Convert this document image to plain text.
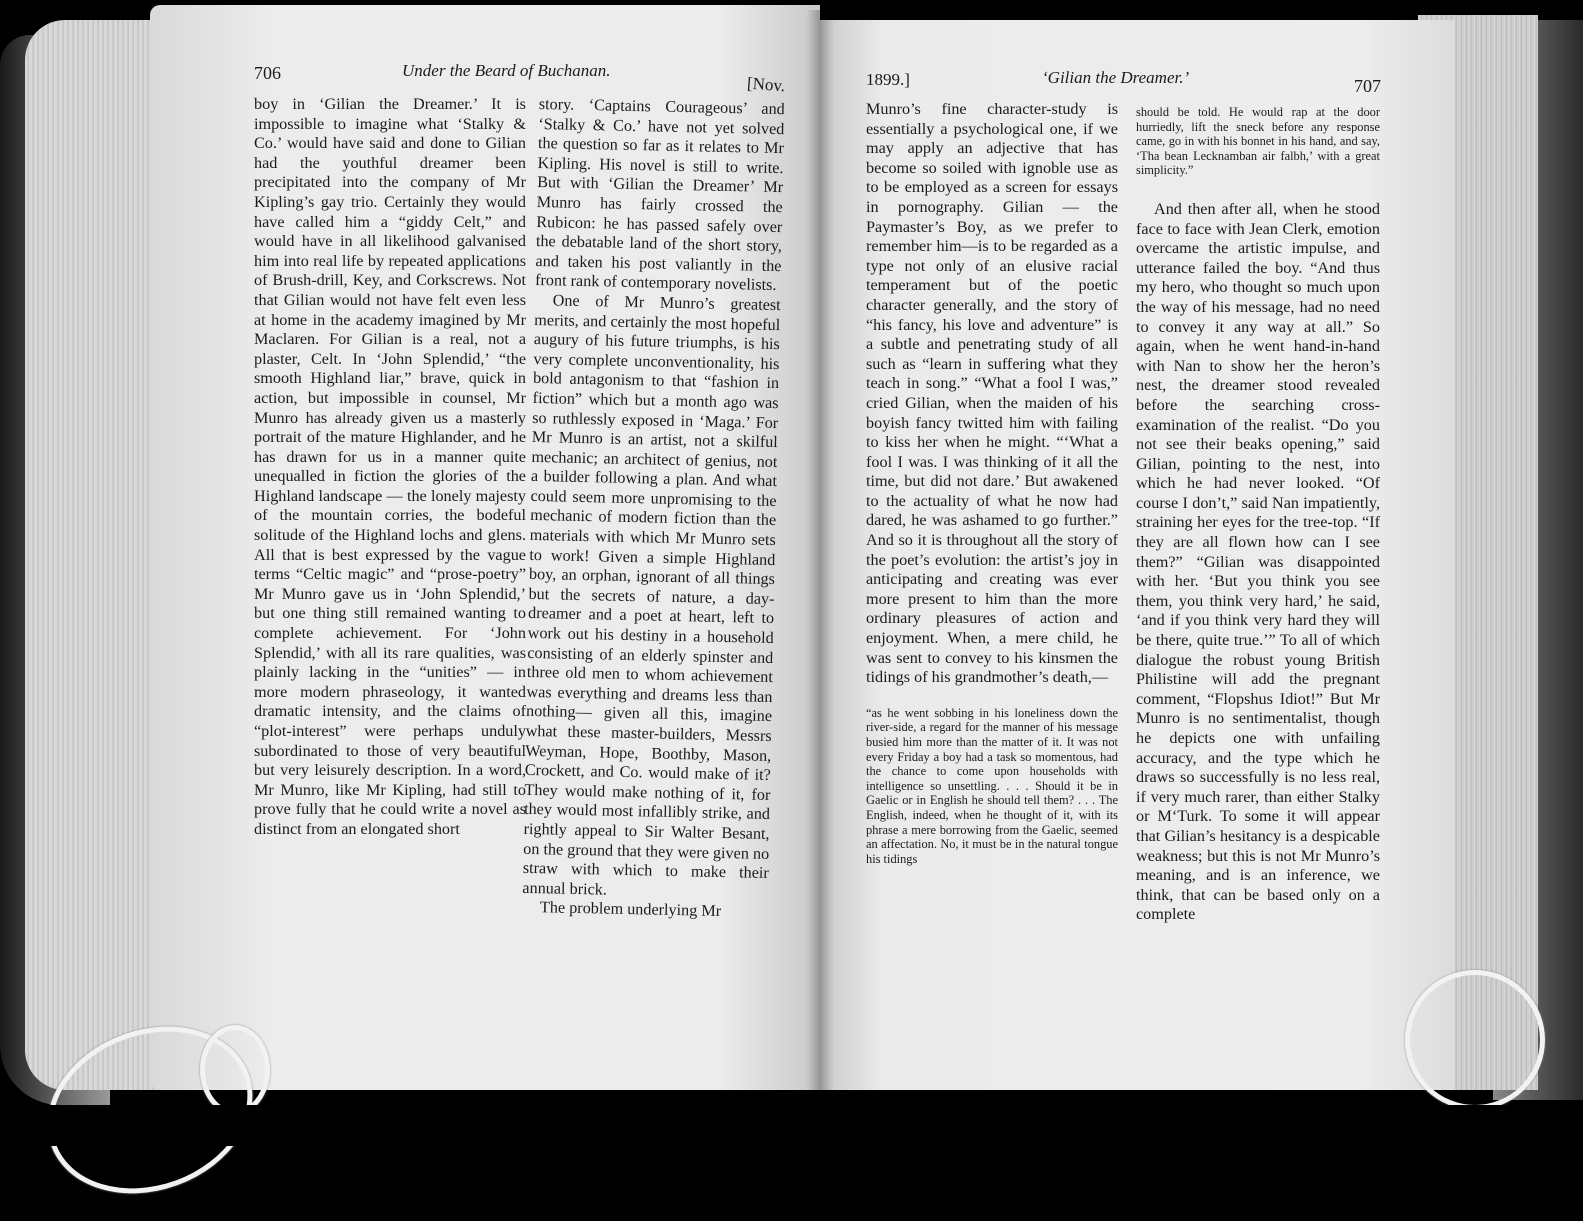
706	Under the Beard of Buchanan.
[Nov.

boy in ‘Gilian the Dreamer.’ It is impossible to imagine what ‘Stalky & Co.’ would have said and done to Gilian had the youthful dreamer been precipitated into the company of Mr Kipling’s gay trio. Certainly they would have called him a “giddy Celt,” and would have in all likelihood galvanised him into real life by repeated applications of Brush-drill, Key, and Corkscrews. Not that Gilian would not have felt even less at home in the academy imagined by Mr Maclaren. For Gilian is a real, not a plaster, Celt. In ‘John Splendid,’ “the smooth Highland liar,” brave, quick in action, but impossible in counsel, Mr Munro has already given us a masterly portrait of the mature Highlander, and he has drawn for us in a manner quite unequalled in fiction the glories of the Highland landscape — the lonely majesty of the mountain corries, the bodeful solitude of the Highland lochs and glens. All that is best expressed by the vague terms “Celtic magic” and “prose-poetry” Mr Munro gave us in ‘John Splendid,’ but one thing still remained wanting to complete achievement. For ‘John Splendid,’ with all its rare qualities, was plainly lacking in the “unities” — in more modern phraseology, it wanted dramatic intensity, and the claims of “plot-interest” were perhaps unduly subordinated to those of very beautiful but very leisurely description. In a word, Mr Munro, like Mr Kipling, had still to prove fully that he could write a novel as distinct from an elongated short

story. ‘Captains Courageous’ and ‘Stalky & Co.’ have not yet solved the question so far as it relates to Mr Kipling. His novel is still to write. But with ‘Gilian the Dreamer’ Mr Munro has fairly crossed the Rubicon: he has passed safely over the debatable land of the short story, and taken his post valiantly in the front rank of contemporary novelists.

One of Mr Munro’s greatest merits, and certainly the most hopeful augury of his future triumphs, is his very complete unconventionality, his bold antagonism to that “fashion in fiction” which but a month ago was so ruthlessly exposed in ‘Maga.’ For Mr Munro is an artist, not a skilful mechanic; an architect of genius, not a builder following a plan. And what could seem more unpromising to the mechanic of modern fiction than the materials with which Mr Munro sets to work! Given a simple Highland boy, an orphan, ignorant of all things but the secrets of nature, a day-dreamer and a poet at heart, left to work out his destiny in a household consisting of an elderly spinster and three old men to whom achievement was everything and dreams less than nothing— given all this, imagine what these master-builders, Messrs Weyman, Hope, Boothby, Mason, Crockett, and Co. would make of it? They would make nothing of it, for they would most infallibly strike, and rightly appeal to Sir Walter Besant, on the ground that they were given no straw with which to make their annual brick.

The problem underlying Mr

1899.]	‘Gilian the Dreamer.’	707

Munro’s fine character-study is essentially a psychological one, if we may apply an adjective that has become so soiled with ignoble use as to be employed as a screen for essays in pornography. Gilian — the Paymaster’s Boy, as we prefer to remember him—is to be regarded as a type not only of an elusive racial temperament but of the poetic character generally, and the story of “his fancy, his love and adventure” is a subtle and penetrating study of all such as “learn in suffering what they teach in song.” “What a fool I was,” cried Gilian, when the maiden of his boyish fancy twitted him with failing to kiss her when he might. “‘What a fool I was. I was thinking of it all the time, but did not dare.’ But awakened to the actuality of what he now had dared, he was ashamed to go further.” And so it is throughout all the story of the poet’s evolution: the artist’s joy in anticipating and creating was ever more present to him than the more ordinary pleasures of action and enjoyment. When, a mere child, he was sent to convey to his kinsmen the tidings of his grandmother’s death,—

“as he went sobbing in his loneliness down the river-side, a regard for the manner of his message busied him more than the matter of it. It was not every Friday a boy had a task so momentous, had the chance to come upon households with intelligence so unsettling. . . . Should it be in Gaelic or in English he should tell them? . . . The English, indeed, when he thought of it, with its phrase a mere borrowing from the Gaelic, seemed an affectation. No, it must be in the natural tongue his tidings

should be told. He would rap at the door hurriedly, lift the sneck before any response came, go in with his bonnet in his hand, and say, ‘Tha bean Lecknamban air falbh,’ with a great simplicity.”

And then after all, when he stood face to face with Jean Clerk, emotion overcame the artistic impulse, and utterance failed the boy. “And thus my hero, who thought so much upon the way of his message, had no need to convey it any way at all.” So again, when he went hand-in-hand with Nan to show her the heron’s nest, the dreamer stood revealed before the searching cross-examination of the realist. “Do you not see their beaks opening,” said Gilian, pointing to the nest, into which he had never looked. “Of course I don’t,” said Nan impatiently, straining her eyes for the tree-top. “If they are all flown how can I see them?” “Gilian was disappointed with her. ‘But you think you see them, you think very hard,’ he said, ‘and if you think very hard they will be there, quite true.’” To all of which dialogue the robust young British Philistine will add the pregnant comment, “Flopshus Idiot!” But Mr Munro is no sentimentalist, though he depicts one with unfailing accuracy, and the type which he draws so successfully is no less real, if very much rarer, than either Stalky or M‘Turk. To some it will appear that Gilian’s hesitancy is a despicable weakness; but this is not Mr Munro’s meaning, and is an inference, we think, that can be based only on a complete
